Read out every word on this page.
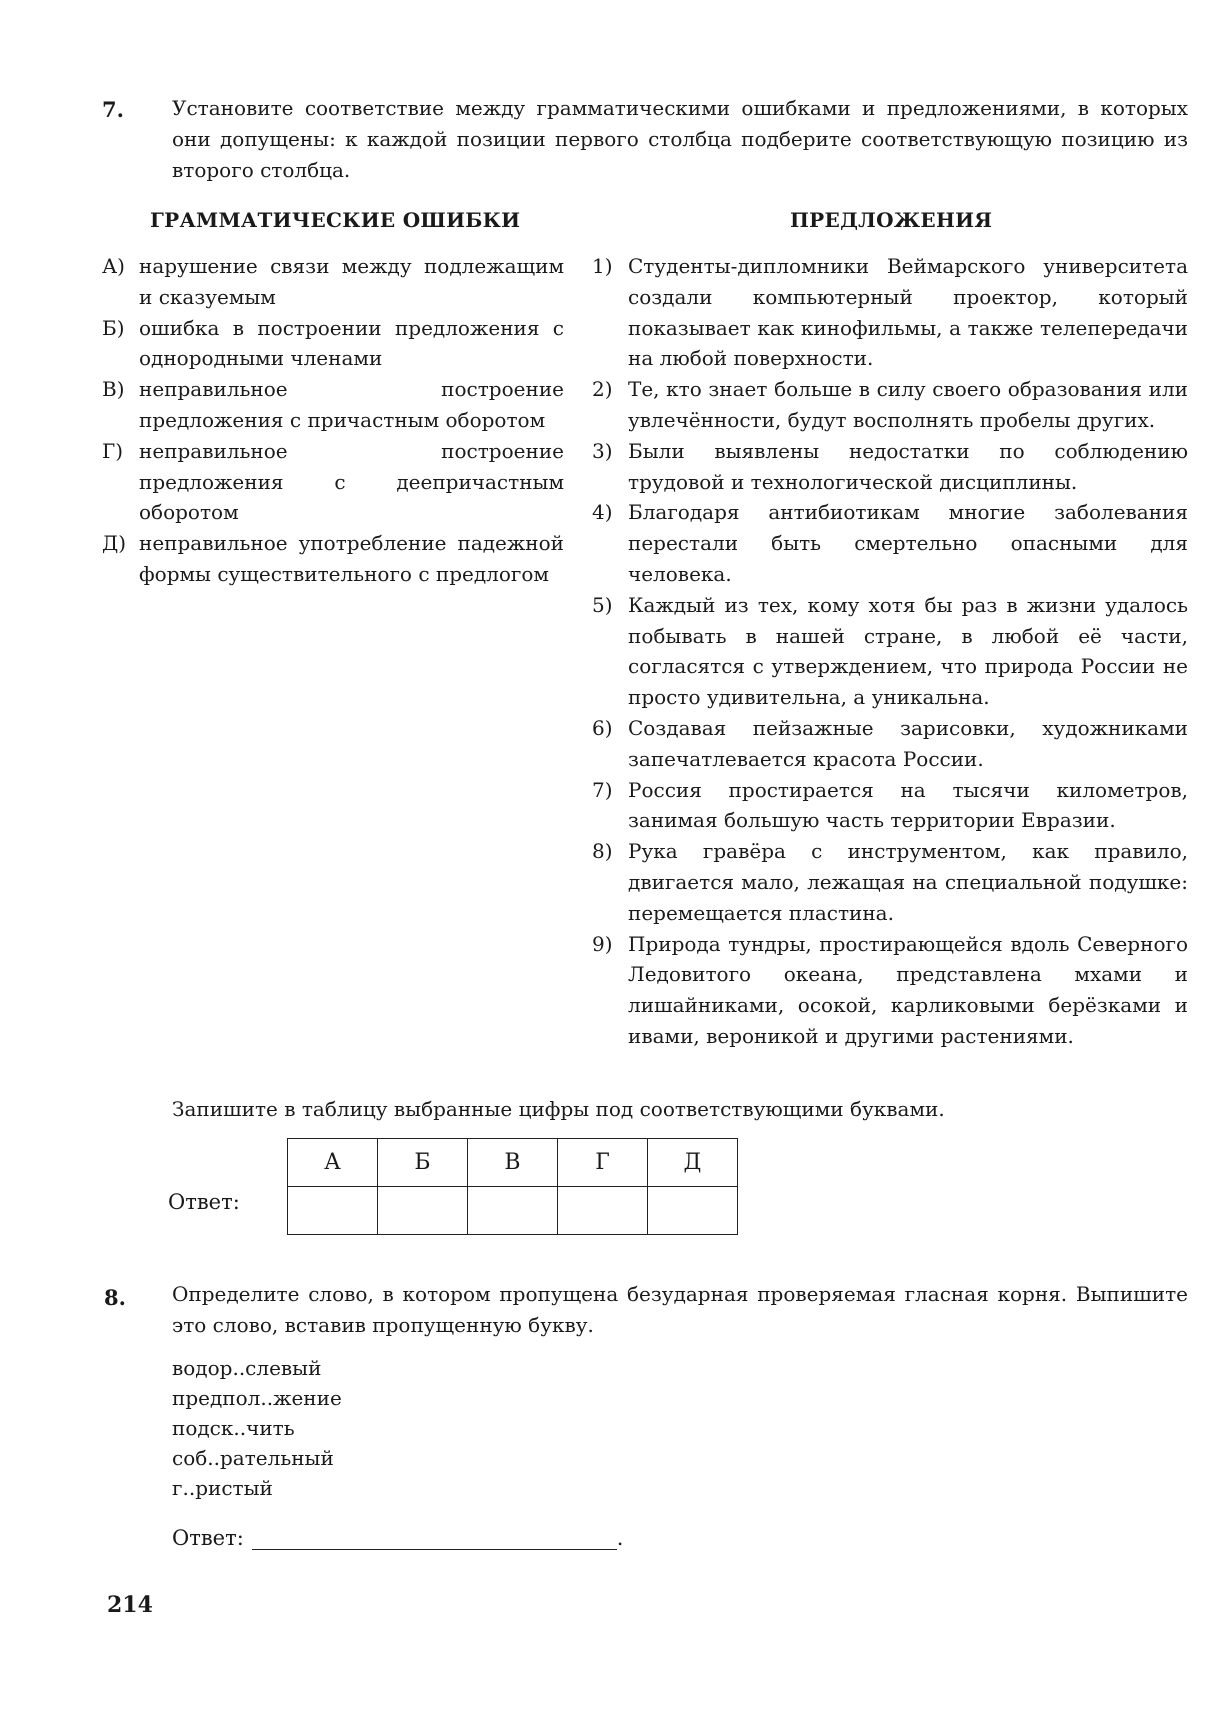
7. Установите соответствие между грамматическими ошибками и предложениями, в которых они допущены: к каждой позиции первого столбца подберите соответствующую позицию из второго столбца.
ГРАММАТИЧЕСКИЕ ОШИБКИ	ПРЕДЛОЖЕНИЯ
А) нарушение связи между подлежащим и сказуемым
Б) ошибка в построении предложения с однородными членами
В) неправильное построение предложения с причастным оборотом
Г) неправильное построение предложения с деепричастным оборотом
Д) неправильное употребление падежной формы существительного с предлогом
1) Студенты-дипломники Веймарского университета создали компьютерный проектор, который показывает как кинофильмы, а также телепередачи на любой поверхности.
2) Те, кто знает больше в силу своего образования или увлечённости, будут восполнять пробелы других.
3) Были выявлены недостатки по соблюдению трудовой и технологической дисциплины.
4) Благодаря антибиотикам многие заболевания перестали быть смертельно опасными для человека.
5) Каждый из тех, кому хотя бы раз в жизни удалось побывать в нашей стране, в любой её части, согласятся с утверждением, что природа России не просто удивительна, а уникальна.
6) Создавая пейзажные зарисовки, художниками запечатлевается красота России.
7) Россия простирается на тысячи километров, занимая большую часть территории Евразии.
8) Рука гравёра с инструментом, как правило, двигается мало, лежащая на специальной подушке: перемещается пластина.
9) Природа тундры, простирающейся вдоль Северного Ледовитого океана, представлена мхами и лишайниками, осокой, карликовыми берёзками и ивами, вероникой и другими растениями.
Запишите в таблицу выбранные цифры под соответствующими буквами.
Ответ:
А	Б	В	Г	Д

8. Определите слово, в котором пропущена безударная проверяемая гласная корня. Выпишите это слово, вставив пропущенную букву.
водор..слевый
предпол..жение
подск..чить
соб..рательный
г..ристый
Ответ:	.
214
